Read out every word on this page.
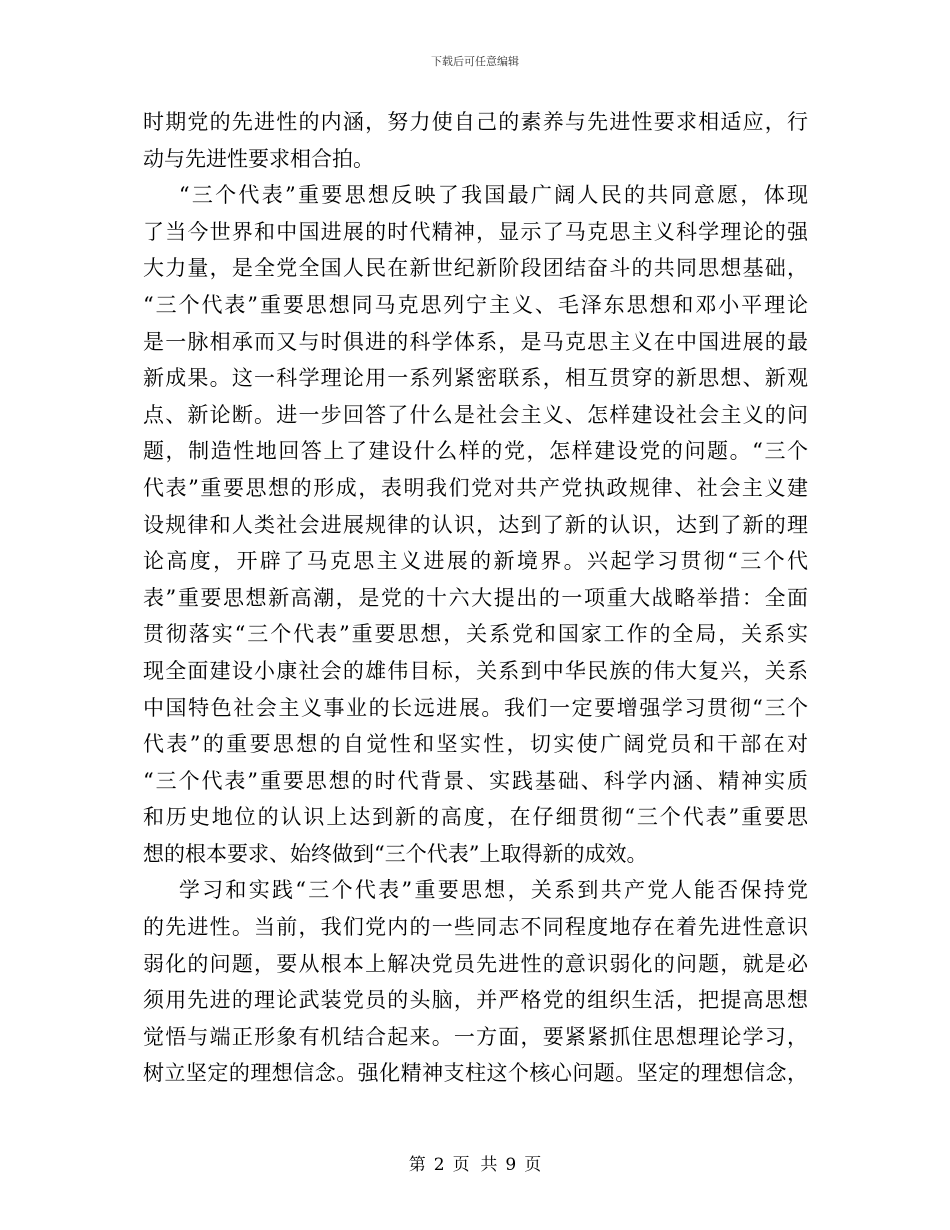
下载后可任意编辑
时期党的先进性的内涵，努力使自己的素养与先进性要求相适应，行
动与先进性要求相合拍。
“三个代表”重要思想反映了我国最广阔人民的共同意愿，体现
了当今世界和中国进展的时代精神，显示了马克思主义科学理论的强
大力量，是全党全国人民在新世纪新阶段团结奋斗的共同思想基础，
“三个代表”重要思想同马克思列宁主义、毛泽东思想和邓小平理论
是一脉相承而又与时俱进的科学体系，是马克思主义在中国进展的最
新成果。这一科学理论用一系列紧密联系，相互贯穿的新思想、新观
点、新论断。进一步回答了什么是社会主义、怎样建设社会主义的问
题，制造性地回答上了建设什么样的党，怎样建设党的问题。“三个
代表”重要思想的形成，表明我们党对共产党执政规律、社会主义建
设规律和人类社会进展规律的认识，达到了新的认识，达到了新的理
论高度，开辟了马克思主义进展的新境界。兴起学习贯彻“三个代
表”重要思想新高潮，是党的十六大提出的一项重大战略举措：全面
贯彻落实“三个代表”重要思想，关系党和国家工作的全局，关系实
现全面建设小康社会的雄伟目标，关系到中华民族的伟大复兴，关系
中国特色社会主义事业的长远进展。我们一定要增强学习贯彻“三个
代表”的重要思想的自觉性和坚实性，切实使广阔党员和干部在对
“三个代表”重要思想的时代背景、实践基础、科学内涵、精神实质
和历史地位的认识上达到新的高度，在仔细贯彻“三个代表”重要思
想的根本要求、始终做到“三个代表”上取得新的成效。
学习和实践“三个代表”重要思想，关系到共产党人能否保持党
的先进性。当前，我们党内的一些同志不同程度地存在着先进性意识
弱化的问题，要从根本上解决党员先进性的意识弱化的问题，就是必
须用先进的理论武装党员的头脑，并严格党的组织生活，把提高思想
觉悟与端正形象有机结合起来。一方面，要紧紧抓住思想理论学习，
树立坚定的理想信念。强化精神支柱这个核心问题。坚定的理想信念，
第 2 页  共 9 页
